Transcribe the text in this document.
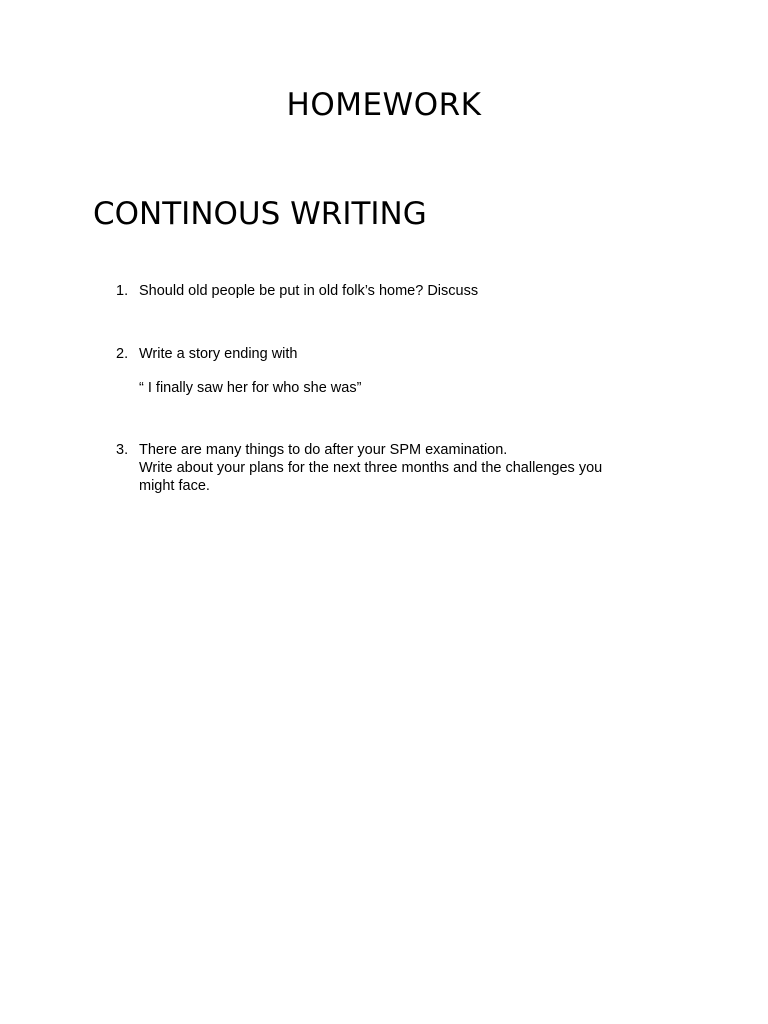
HOMEWORK
CONTINOUS WRITING
1. Should old people be put in old folk’s home? Discuss
2. Write a story ending with
“ I finally saw her for who she was”
3. There are many things to do after your SPM examination.
Write about your plans for the next three months and the challenges you
might face.
